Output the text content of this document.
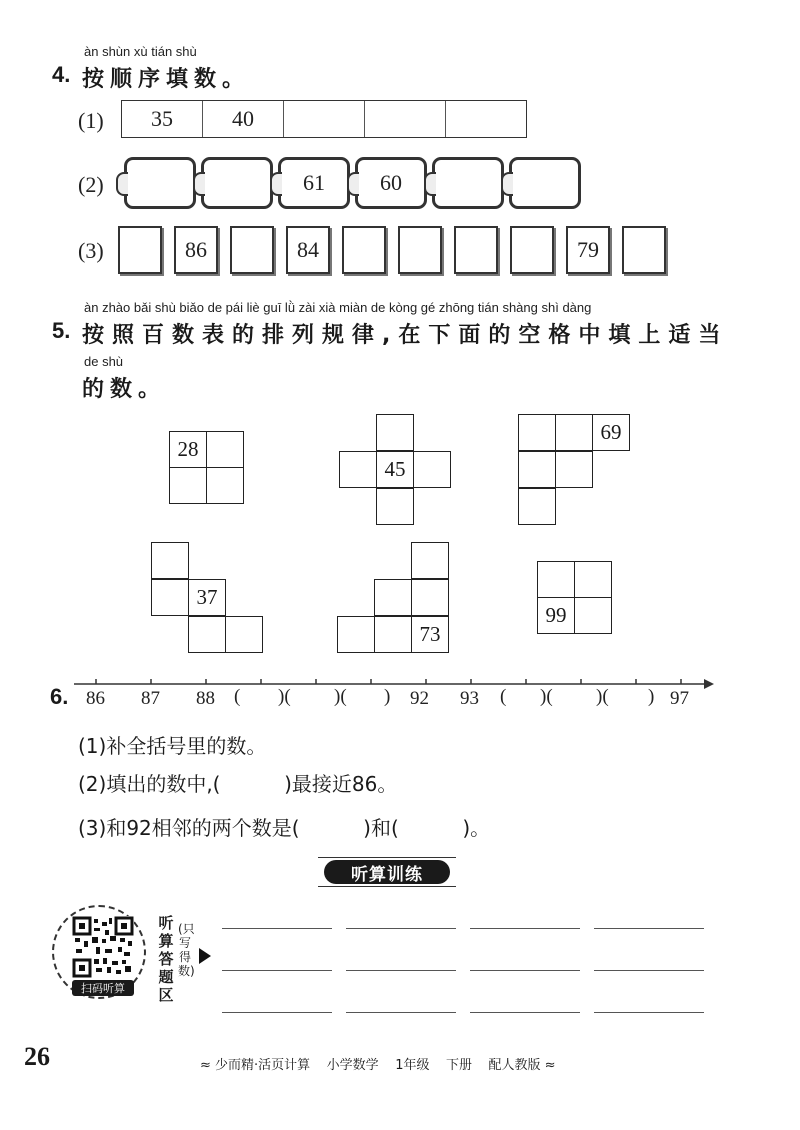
àn shùn xù tián shù
4. 按顺序填数。
(1)	35	40
(2)	61	60
(3)	86	84	79
àn zhào bǎi shù biǎo de pái liè guī lǜ zài xià miàn de kòng gé zhōng tián shàng shì dàng
5. 按照百数表的排列规律,在下面的空格中填上适当
de shù
的数。
28
45
69
37
73
99
6. 86 87 88 ( )( )( ) 92 93 ( )( )( ) 97
(1)补全括号里的数。
(2)填出的数中,(          )最接近86。
(3)和92相邻的两个数是(          )和(          )。
听算训练
扫码听算
听算答题区
(只写得数)
26	≈ 少而精·活页计算    小学数学    1年级    下册    配人教版 ≈
